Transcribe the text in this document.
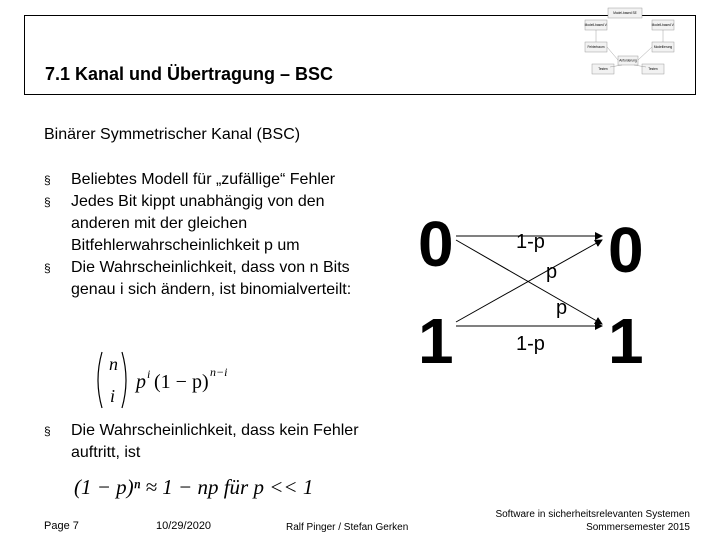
7.1 Kanal und Übertragung – BSC
Model-based SE
Modell-based V.	Modell-based V.
Fehlerbaum	Modellierung
Anforderung
Testen	Testen
Binärer Symmetrischer Kanal (BSC)
§ Beliebtes Modell für „zufällige“ Fehler
§ Jedes Bit kippt unabhängig von den anderen mit der gleichen Bitfehlerwahrscheinlichkeit p um
§ Die Wahrscheinlichkeit, dass von n Bits genau i sich ändern, ist binomialverteilt:
n
i
p i (1 − p) n−i
§ Die Wahrscheinlichkeit, dass kein Fehler auftritt, ist
(1 − p)ⁿ ≈ 1 − np für p << 1
0
1
0
1
1-p
1-p
p
p
Page 7	10/29/2020	Ralf Pinger / Stefan Gerken
Software in sicherheitsrelevanten Systemen
Sommersemester 2015
